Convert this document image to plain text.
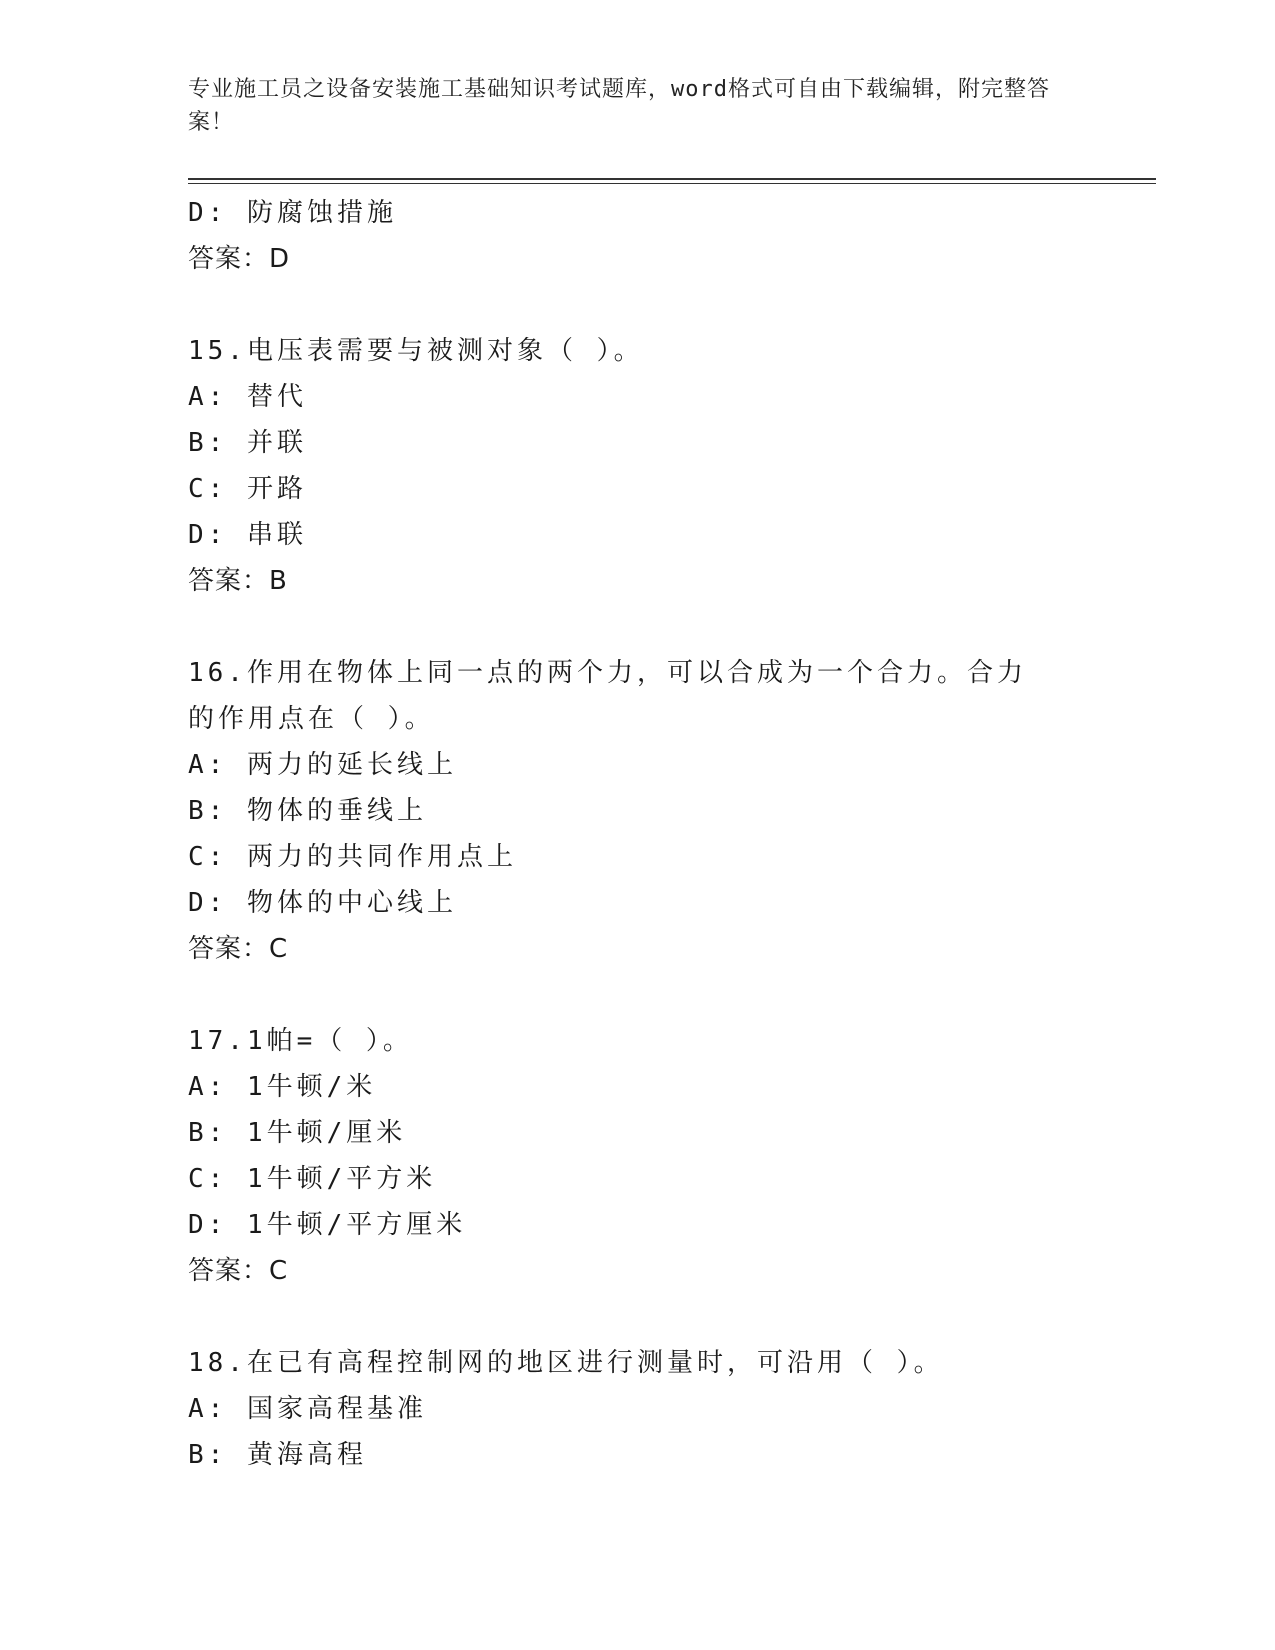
专业施工员之设备安装施工基础知识考试题库，word格式可自由下载编辑，附完整答案！
D: 防腐蚀措施
答案：D
15.电压表需要与被测对象（ ）。
A: 替代
B: 并联
C: 开路
D: 串联
答案：B
16.作用在物体上同一点的两个力，可以合成为一个合力。合力的作用点在（ ）。
A: 两力的延长线上
B: 物体的垂线上
C: 两力的共同作用点上
D: 物体的中心线上
答案：C
17.1帕=（ ）。
A: 1牛顿/米
B: 1牛顿/厘米
C: 1牛顿/平方米
D: 1牛顿/平方厘米
答案：C
18.在已有高程控制网的地区进行测量时，可沿用（ ）。
A: 国家高程基准
B: 黄海高程
